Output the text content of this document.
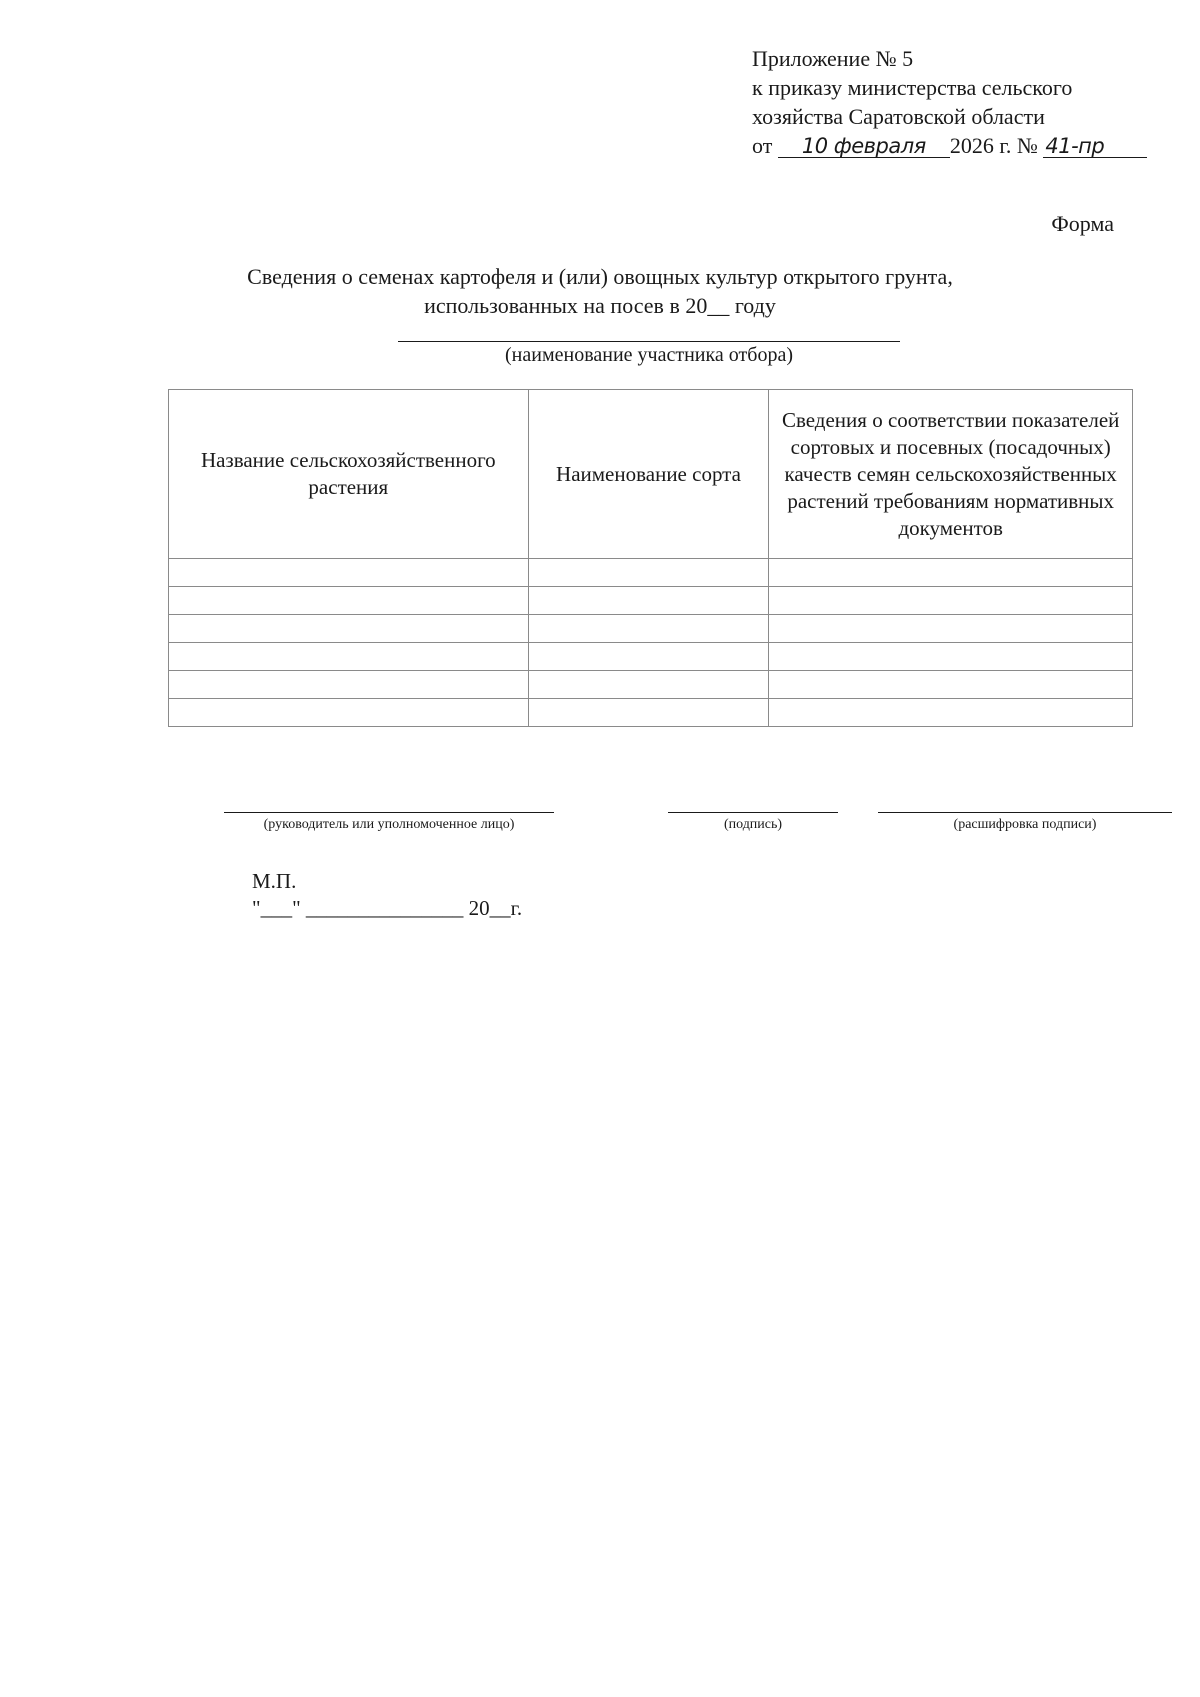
Приложение № 5
к приказу министерства сельского
хозяйства Саратовской области
от 10 февраля 2026 г. № 41-пр
Форма
Сведения о семенах картофеля и (или) овощных культур открытого грунта,
использованных на посев в 20__ году
(наименование участника отбора)
Название сельскохозяйственного растения	Наименование сорта	Сведения о соответствии показателей сортовых и посевных (посадочных) качеств семян сельскохозяйственных растений требованиям нормативных документов

(руководитель или уполномоченное лицо)	(подпись)	(расшифровка подписи)
М.П.
"___" _______________ 20__г.
